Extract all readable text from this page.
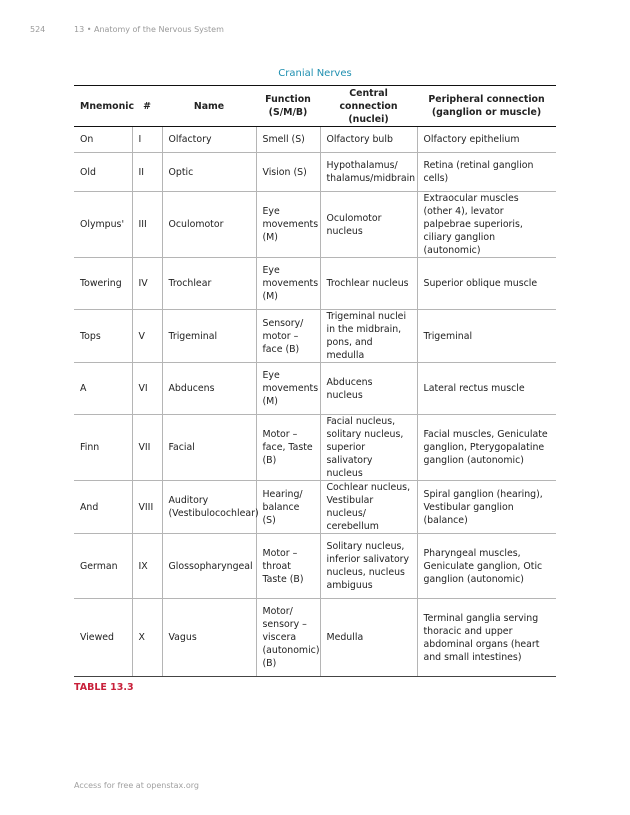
524	13 • Anatomy of the Nervous System
Cranial Nerves
Mnemonic	#	Name	Function (S/M/B)	Central connection (nuclei)	Peripheral connection (ganglion or muscle)
On	I	Olfactory	Smell (S)	Olfactory bulb	Olfactory epithelium
Old	II	Optic	Vision (S)	Hypothalamus/ thalamus/midbrain	Retina (retinal ganglion cells)
Olympus'	III	Oculomotor	Eye movements (M)	Oculomotor nucleus	Extraocular muscles (other 4), levator palpebrae superioris, ciliary ganglion (autonomic)
Towering	IV	Trochlear	Eye movements (M)	Trochlear nucleus	Superior oblique muscle
Tops	V	Trigeminal	Sensory/ motor – face (B)	Trigeminal nuclei in the midbrain, pons, and medulla	Trigeminal
A	VI	Abducens	Eye movements (M)	Abducens nucleus	Lateral rectus muscle
Finn	VII	Facial	Motor – face, Taste (B)	Facial nucleus, solitary nucleus, superior salivatory nucleus	Facial muscles, Geniculate ganglion, Pterygopalatine ganglion (autonomic)
And	VIII	Auditory (Vestibulocochlear)	Hearing/ balance (S)	Cochlear nucleus, Vestibular nucleus/ cerebellum	Spiral ganglion (hearing), Vestibular ganglion (balance)
German	IX	Glossopharyngeal	Motor – throat Taste (B)	Solitary nucleus, inferior salivatory nucleus, nucleus ambiguus	Pharyngeal muscles, Geniculate ganglion, Otic ganglion (autonomic)
Viewed	X	Vagus	Motor/ sensory – viscera (autonomic) (B)	Medulla	Terminal ganglia serving thoracic and upper abdominal organs (heart and small intestines)
TABLE 13.3
Access for free at openstax.org
